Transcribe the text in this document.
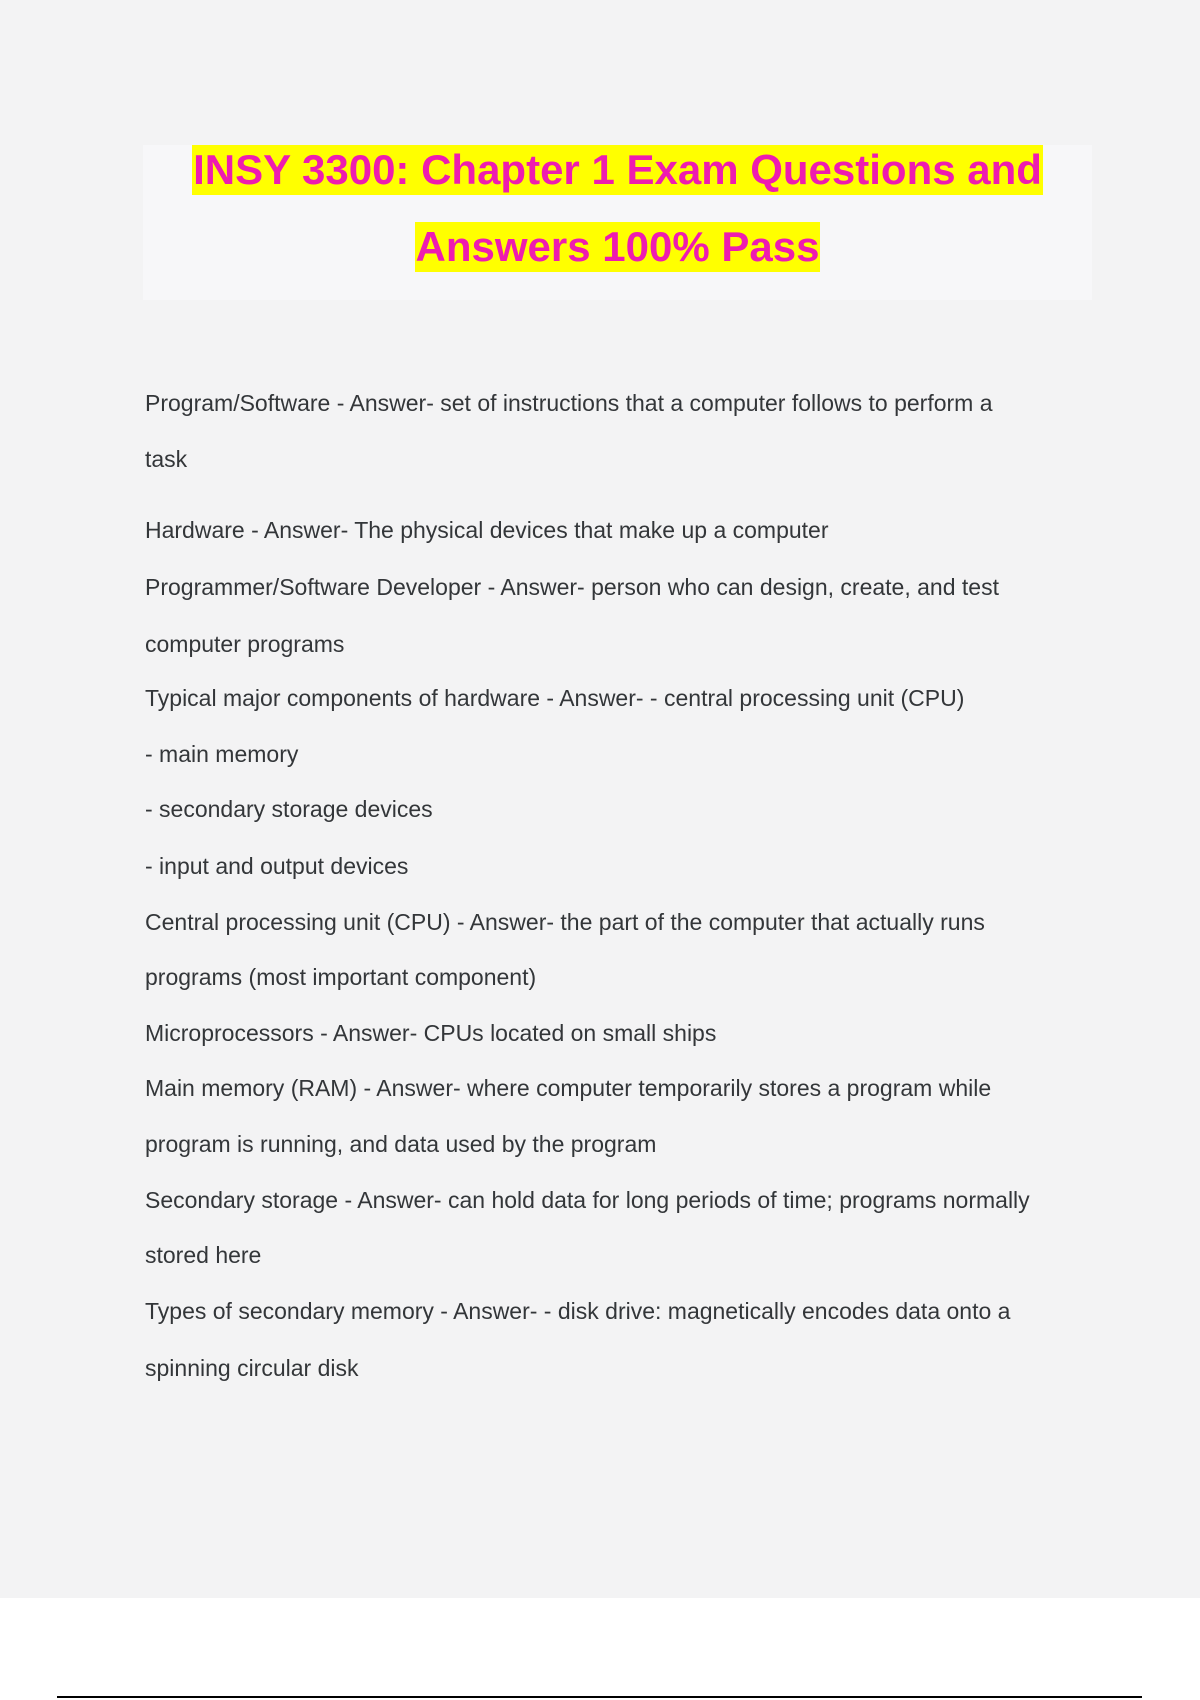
INSY 3300: Chapter 1 Exam Questions and
Answers 100% Pass
Program/Software - Answer- set of instructions that a computer follows to perform a
task
Hardware - Answer- The physical devices that make up a computer
Programmer/Software Developer - Answer- person who can design, create, and test
computer programs
Typical major components of hardware - Answer- - central processing unit (CPU)
- main memory
- secondary storage devices
- input and output devices
Central processing unit (CPU) - Answer- the part of the computer that actually runs
programs (most important component)
Microprocessors - Answer- CPUs located on small ships
Main memory (RAM) - Answer- where computer temporarily stores a program while
program is running, and data used by the program
Secondary storage - Answer- can hold data for long periods of time; programs normally
stored here
Types of secondary memory - Answer- - disk drive: magnetically encodes data onto a
spinning circular disk
